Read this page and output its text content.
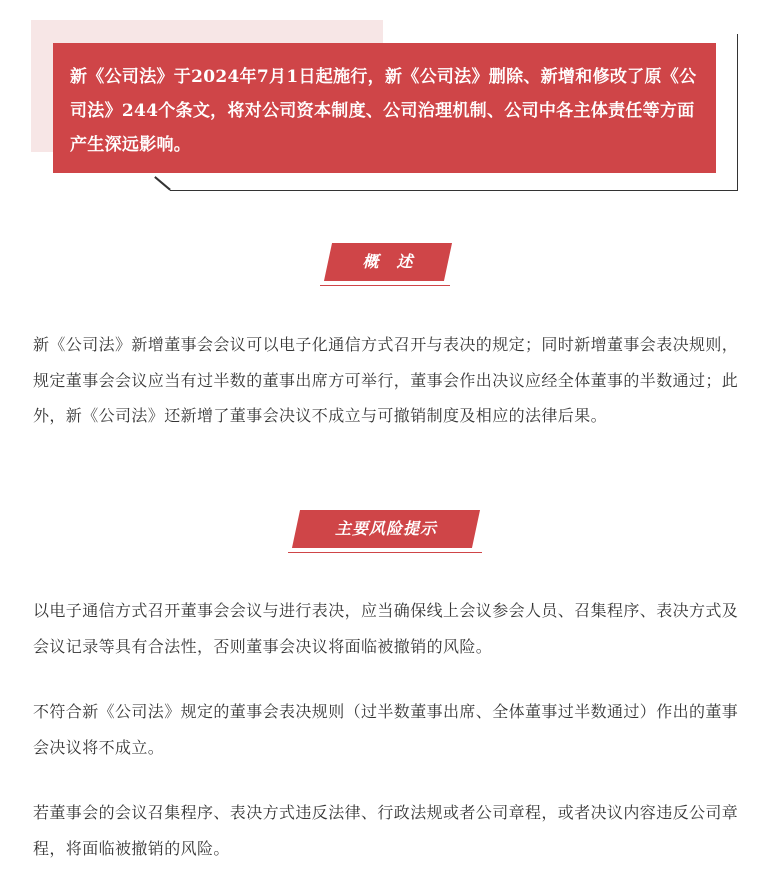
新《公司法》于2024年7月1日起施行，新《公司法》删除、新增和修改了原《公司法》244个条文，将对公司资本制度、公司治理机制、公司中各主体责任等方面产生深远影响。

概　述

新《公司法》新增董事会会议可以电子化通信方式召开与表决的规定；同时新增董事会表决规则，规定董事会会议应当有过半数的董事出席方可举行，董事会作出决议应经全体董事的半数通过；此外，新《公司法》还新增了董事会决议不成立与可撤销制度及相应的法律后果。

主要风险提示

以电子通信方式召开董事会会议与进行表决，应当确保线上会议参会人员、召集程序、表决方式及会议记录等具有合法性，否则董事会决议将面临被撤销的风险。

不符合新《公司法》规定的董事会表决规则（过半数董事出席、全体董事过半数通过）作出的董事会决议将不成立。

若董事会的会议召集程序、表决方式违反法律、行政法规或者公司章程，或者决议内容违反公司章程，将面临被撤销的风险。
